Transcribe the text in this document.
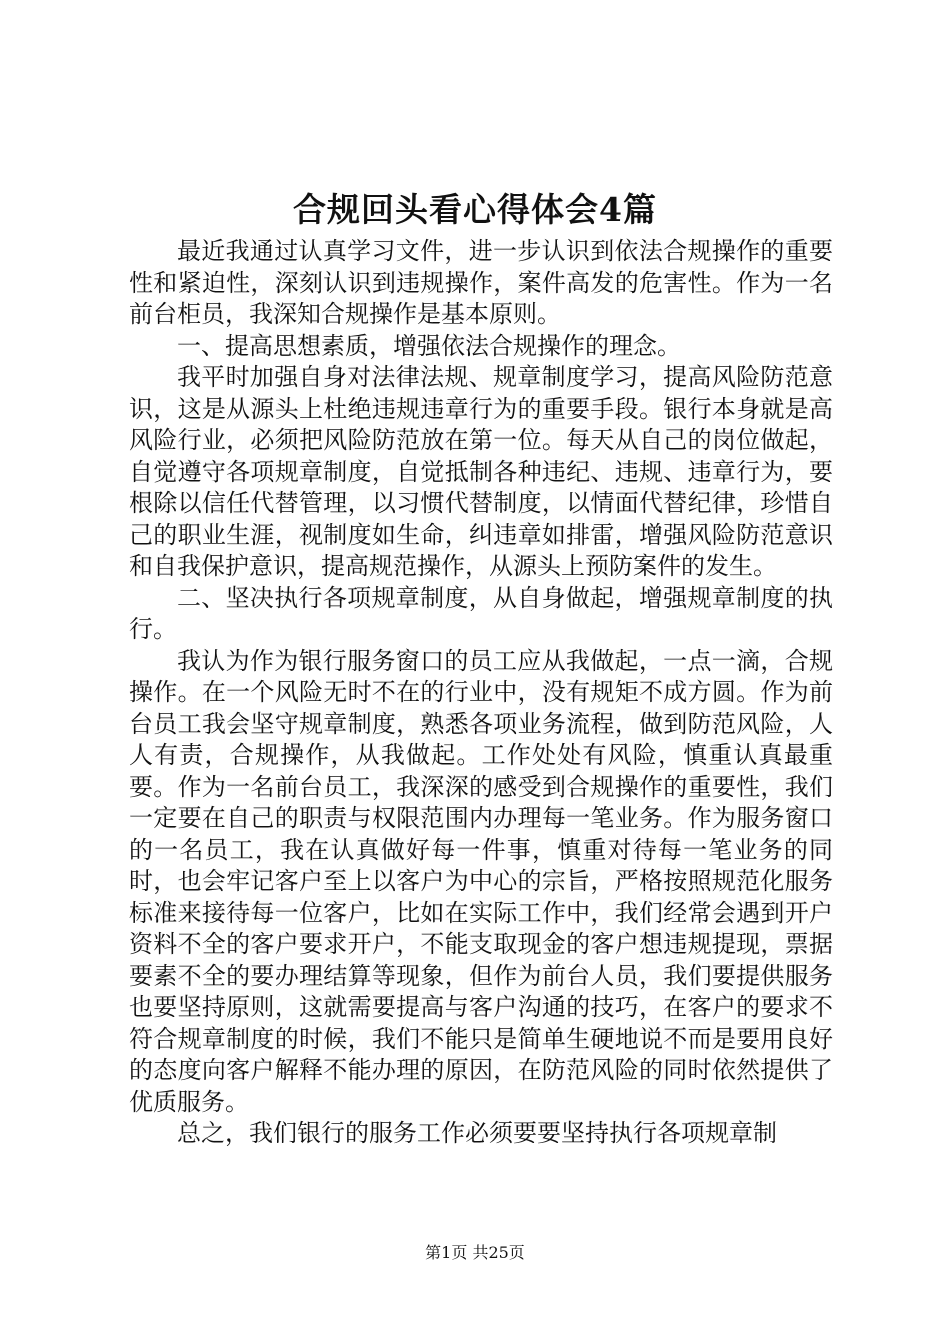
合规回头看心得体会4篇

最近我通过认真学习文件，进一步认识到依法合规操作的重要性和紧迫性，深刻认识到违规操作，案件高发的危害性。作为一名前台柜员，我深知合规操作是基本原则。

一、提高思想素质，增强依法合规操作的理念。

我平时加强自身对法律法规、规章制度学习，提高风险防范意识，这是从源头上杜绝违规违章行为的重要手段。银行本身就是高风险行业，必须把风险防范放在第一位。每天从自己的岗位做起，自觉遵守各项规章制度，自觉抵制各种违纪、违规、违章行为，要根除以信任代替管理，以习惯代替制度，以情面代替纪律，珍惜自己的职业生涯，视制度如生命，纠违章如排雷，增强风险防范意识和自我保护意识，提高规范操作，从源头上预防案件的发生。

二、坚决执行各项规章制度，从自身做起，增强规章制度的执行。

我认为作为银行服务窗口的员工应从我做起，一点一滴，合规操作。在一个风险无时不在的行业中，没有规矩不成方圆。作为前台员工我会坚守规章制度，熟悉各项业务流程，做到防范风险，人人有责，合规操作，从我做起。工作处处有风险，慎重认真最重要。作为一名前台员工，我深深的感受到合规操作的重要性，我们一定要在自己的职责与权限范围内办理每一笔业务。作为服务窗口的一名员工，我在认真做好每一件事，慎重对待每一笔业务的同时，也会牢记客户至上以客户为中心的宗旨，严格按照规范化服务标准来接待每一位客户，比如在实际工作中，我们经常会遇到开户资料不全的客户要求开户，不能支取现金的客户想违规提现，票据要素不全的要办理结算等现象，但作为前台人员，我们要提供服务也要坚持原则，这就需要提高与客户沟通的技巧，在客户的要求不符合规章制度的时候，我们不能只是简单生硬地说不而是要用良好的态度向客户解释不能办理的原因，在防范风险的同时依然提供了优质服务。

总之，我们银行的服务工作必须要要坚持执行各项规章制

第1页 共25页
